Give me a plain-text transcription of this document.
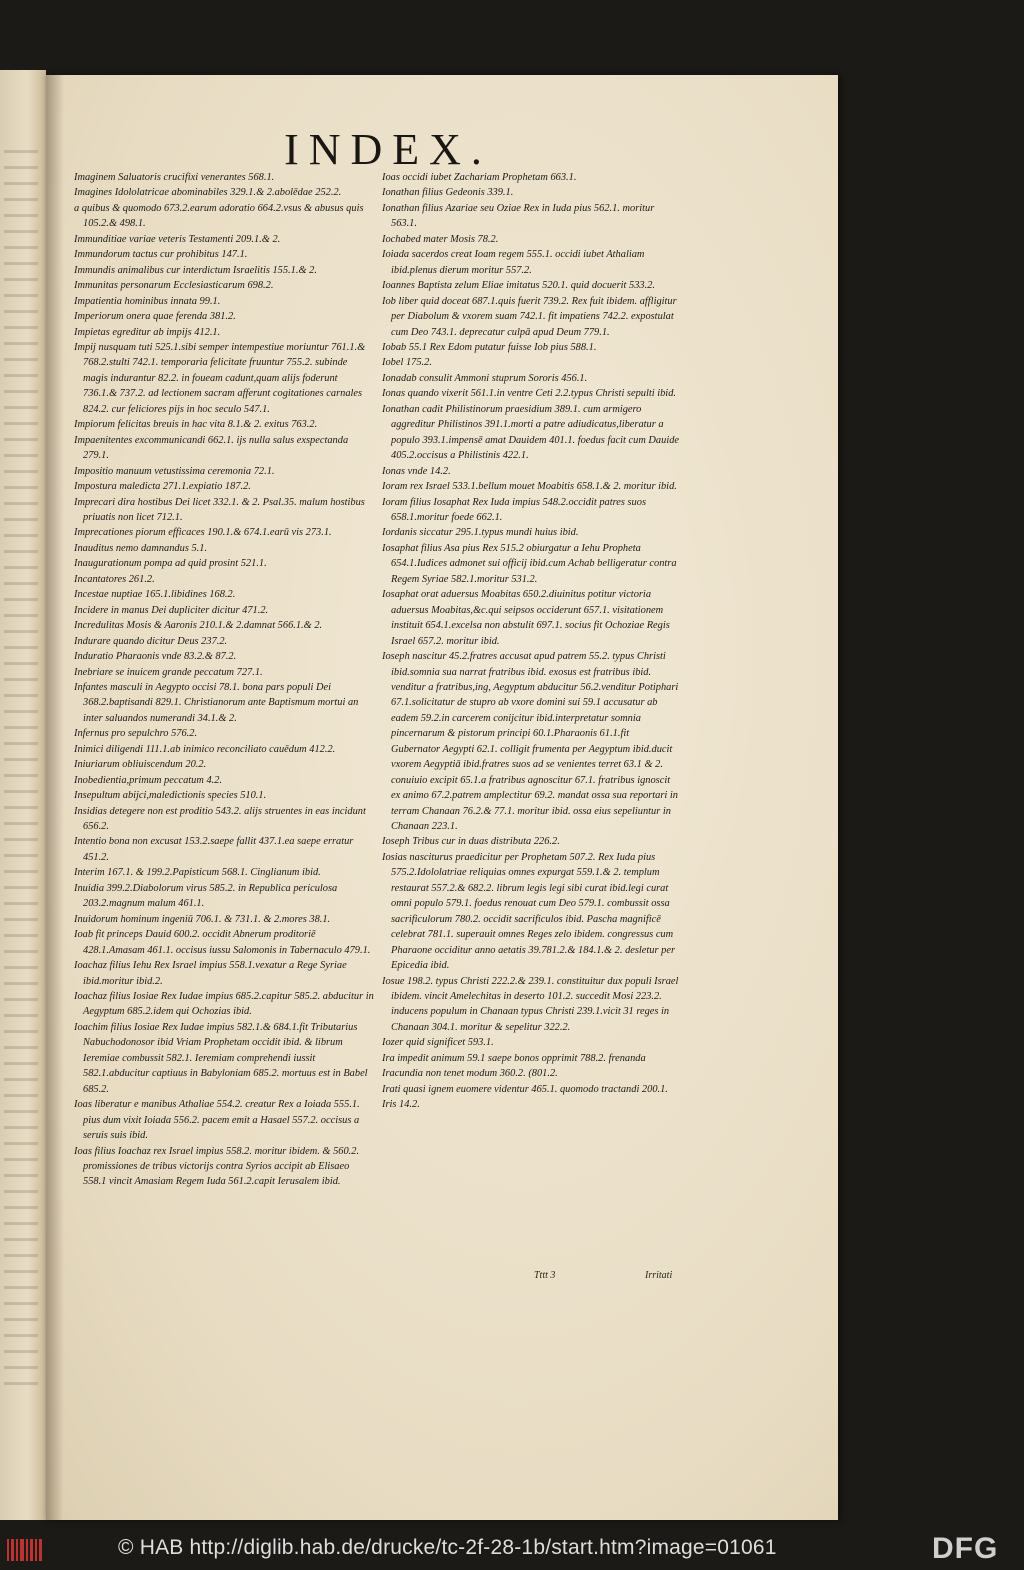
INDEX.

Imaginem Saluatoris crucifixi venerantes 568.1.

Imagines Idololatricae abominabiles 329.1.& 2.abolēdae 252.2.

a quibus & quomodo 673.2.earum adoratio 664.2.vsus & abusus quis 105.2.& 498.1.

Immunditiae variae veteris Testamenti 209.1.& 2.

Immundorum tactus cur prohibitus 147.1.

Immundis animalibus cur interdictum Israelitis 155.1.& 2.

Immunitas personarum Ecclesiasticarum 698.2.

Impatientia hominibus innata 99.1.

Imperiorum onera quae ferenda 381.2.

Impietas egreditur ab impijs 412.1.

Impij nusquam tuti 525.1.sibi semper intempestiue moriuntur 761.1.& 768.2.stulti 742.1. temporaria felicitate fruuntur 755.2. subinde magis indurantur 82.2. in foueam cadunt,quam alijs foderunt 736.1.& 737.2. ad lectionem sacram afferunt cogitationes carnales 824.2. cur feliciores pijs in hoc seculo 547.1.

Impiorum felicitas breuis in hac vita 8.1.& 2. exitus 763.2.

Impaenitentes excommunicandi 662.1. ijs nulla salus exspectanda 279.1.

Impositio manuum vetustissima ceremonia 72.1.

Impostura maledicta 271.1.expiatio 187.2.

Imprecari dira hostibus Dei licet 332.1. & 2. Psal.35. malum hostibus priuatis non licet 712.1.

Imprecationes piorum efficaces 190.1.& 674.1.earū vis 273.1.

Inauditus nemo damnandus 5.1.

Inaugurationum pompa ad quid prosint 521.1.

Incantatores 261.2.

Incestae nuptiae 165.1.libidines 168.2.

Incidere in manus Dei dupliciter dicitur 471.2.

Incredulitas Mosis & Aaronis 210.1.& 2.damnat 566.1.& 2.

Indurare quando dicitur Deus 237.2.

Induratio Pharaonis vnde 83.2.& 87.2.

Inebriare se inuicem grande peccatum 727.1.

Infantes masculi in Aegypto occisi 78.1. bona pars populi Dei 368.2.baptisandi 829.1. Christianorum ante Baptismum mortui an inter saluandos numerandi 34.1.& 2.

Infernus pro sepulchro 576.2.

Inimici diligendi 111.1.ab inimico reconciliato cauēdum 412.2.

Iniuriarum obliuiscendum 20.2.

Inobedientia,primum peccatum 4.2.

Insepultum abijci,maledictionis species 510.1.

Insidias detegere non est proditio 543.2. alijs struentes in eas incidunt 656.2.

Intentio bona non excusat 153.2.saepe fallit 437.1.ea saepe erratur 451.2.

Interim 167.1. & 199.2.Papisticum 568.1. Cinglianum ibid.

Inuidia 399.2.Diabolorum virus 585.2. in Republica periculosa 203.2.magnum malum 461.1.

Inuidorum hominum ingeniū 706.1. & 731.1. & 2.mores 38.1.

Ioab fit princeps Dauid 600.2. occidit Abnerum proditoriē 428.1.Amasam 461.1. occisus iussu Salomonis in Tabernaculo 479.1.

Ioachaz filius Iehu Rex Israel impius 558.1.vexatur a Rege Syriae ibid.moritur ibid.2.

Ioachaz filius Iosiae Rex Iudae impius 685.2.capitur 585.2. abducitur in Aegyptum 685.2.idem qui Ochozias ibid.

Ioachim filius Iosiae Rex Iudae impius 582.1.& 684.1.fit Tributarius Nabuchodonosor ibid Vriam Prophetam occidit ibid. & librum Ieremiae combussit 582.1. Ieremiam comprehendi iussit 582.1.abducitur captiuus in Babyloniam 685.2. mortuus est in Babel 685.2.

Ioas liberatur e manibus Athaliae 554.2. creatur Rex a Ioiada 555.1. pius dum vixit Ioiada 556.2. pacem emit a Hasael 557.2. occisus a seruis suis ibid.

Ioas filius Ioachaz rex Israel impius 558.2. moritur ibidem. & 560.2. promissiones de tribus victorijs contra Syrios accipit ab Elisaeo 558.1 vincit Amasiam Regem Iuda 561.2.capit Ierusalem ibid.

Ioas occidi iubet Zachariam Prophetam 663.1.

Ionathan filius Gedeonis 339.1.

Ionathan filius Azariae seu Oziae Rex in Iuda pius 562.1. moritur 563.1.

Iochabed mater Mosis 78.2.

Ioiada sacerdos creat Ioam regem 555.1. occidi iubet Athaliam ibid.plenus dierum moritur 557.2.

Ioannes Baptista zelum Eliae imitatus 520.1. quid docuerit 533.2.

Iob liber quid doceat 687.1.quis fuerit 739.2. Rex fuit ibidem. affligitur per Diabolum & vxorem suam 742.1. fit impatiens 742.2. expostulat cum Deo 743.1. deprecatur culpā apud Deum 779.1.

Iobab 55.1 Rex Edom putatur fuisse Iob pius 588.1.

Iobel 175.2.

Ionadab consulit Ammoni stuprum Sororis 456.1.

Ionas quando vixerit 561.1.in ventre Ceti 2.2.typus Christi sepulti ibid.

Ionathan cadit Philistinorum praesidium 389.1. cum armigero aggreditur Philistinos 391.1.morti a patre adiudicatus,liberatur a populo 393.1.impensē amat Dauidem 401.1. foedus facit cum Dauide 405.2.occisus a Philistinis 422.1.

Ionas vnde 14.2.

Ioram rex Israel 533.1.bellum mouet Moabitis 658.1.& 2. moritur ibid.

Ioram filius Iosaphat Rex Iuda impius 548.2.occidit patres suos 658.1.moritur foede 662.1.

Iordanis siccatur 295.1.typus mundi huius ibid.

Iosaphat filius Asa pius Rex 515.2 obiurgatur a Iehu Propheta 654.1.Iudices admonet sui officij ibid.cum Achab belligeratur contra Regem Syriae 582.1.moritur 531.2.

Iosaphat orat aduersus Moabitas 650.2.diuinitus potitur victoria aduersus Moabitas,&c.qui seipsos occiderunt 657.1. visitationem instituit 654.1.excelsa non abstulit 697.1. socius fit Ochoziae Regis Israel 657.2. moritur ibid.

Ioseph nascitur 45.2.fratres accusat apud patrem 55.2. typus Christi ibid.somnia sua narrat fratribus ibid. exosus est fratribus ibid. venditur a fratribus,ing, Aegyptum abducitur 56.2.venditur Potiphari 67.1.solicitatur de stupro ab vxore domini sui 59.1 accusatur ab eadem 59.2.in carcerem conijcitur ibid.interpretatur somnia pincernarum & pistorum principi 60.1.Pharaonis 61.1.fit Gubernator Aegypti 62.1. colligit frumenta per Aegyptum ibid.ducit vxorem Aegyptiā ibid.fratres suos ad se venientes terret 63.1 & 2. conuiuio excipit 65.1.a fratribus agnoscitur 67.1. fratribus ignoscit ex animo 67.2.patrem amplectitur 69.2. mandat ossa sua reportari in terram Chanaan 76.2.& 77.1. moritur ibid. ossa eius sepeliuntur in Chanaan 223.1.

Ioseph Tribus cur in duas distributa 226.2.

Iosias nasciturus praedicitur per Prophetam 507.2. Rex Iuda pius 575.2.Idololatriae reliquias omnes expurgat 559.1.& 2. templum restaurat 557.2.& 682.2. librum legis legi sibi curat ibid.legi curat omni populo 579.1. foedus renouat cum Deo 579.1. combussit ossa sacrificulorum 780.2. occidit sacrificulos ibid. Pascha magnificē celebrat 781.1. superauit omnes Reges zelo ibidem. congressus cum Pharaone occiditur anno aetatis 39.781.2.& 184.1.& 2. desletur per Epicedia ibid.

Iosue 198.2. typus Christi 222.2.& 239.1. constituitur dux populi Israel ibidem. vincit Amelechitas in deserto 101.2. succedit Mosi 223.2. inducens populum in Chanaan typus Christi 239.1.vicit 31 reges in Chanaan 304.1. moritur & sepelitur 322.2.

Iozer quid significet 593.1.

Ira impedit animum 59.1 saepe bonos opprimit 788.2. frenanda

Iracundia non tenet modum 360.2. (801.2.

Irati quasi ignem euomere videntur 465.1. quomodo tractandi 200.1.

Iris 14.2.

Tttt 3	Irritati
© HAB http://diglib.hab.de/drucke/tc-2f-28-1b/start.htm?image=01061	DFG
